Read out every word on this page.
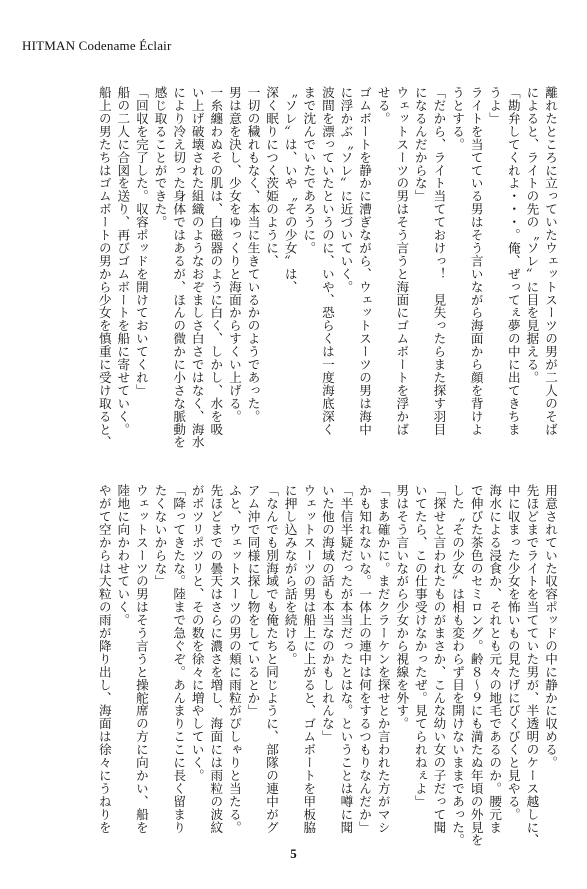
HITMAN Codename Éclair

離れたところに立っていたウェットスーツの男が二人のそば

によると、ライトの先の〝ソレ〟に目を見据える。

「勘弁してくれよ・・・。俺、ぜってぇ夢の中に出てきちま

うよ」

ライトを当てている男はそう言いながら海面から顔を背けよ

うとする。

「だから、ライト当てておけっ！　見失ったらまた探す羽目

になるんだからな」

ウェットスーツの男はそう言うと海面にゴムボートを浮かば

せる。

ゴムボートを静かに漕ぎながら、ウェットスーツの男は海中

に浮かぶ〝ソレ〟に近づいていく。

波間を漂っていたというのに、いや、恐らくは一度海底深く

まで沈んでいたであろうに。

〝ソレ〟は、いや〝その少女〟は、

深く眠りにつく茨姫のように、

一切の穢れもなく、本当に生きているかのようであった。

男は意を決し、少女をゆっくりと海面からすくい上げる。

一糸纏わぬその肌は、白磁器のように白く、しかし、水を吸

い上げ破壊された組織のようなおぞましさ白さではなく、海水

により冷え切った身体ではあるが、ほんの微かに小さな脈動を

感じ取ることができた。

「回収を完了した。収容ポッドを開けておいてくれ」

船の二人に合図を送り、再びゴムボートを船に寄せていく。

船上の男たちはゴムボートの男から少女を慎重に受け取ると、

用意されていた収容ポッドの中に静かに収める。

先ほどまでライトを当てていた男が、半透明のケース越しに、

中に収まった少女を怖いもの見たげにびくびくと見やる。

海水による浸食か、それとも元々の地毛であるのか。腰元ま

で伸びた茶色のセミロング。齢８～９にも満たぬ年頃の外見を

した〝その少女〟は相も変わらず目を開けないままであった。

「探せと言われたものがまさか、こんな幼い女の子だって聞

いてたら、この仕事受けなかったぜ。見てられねぇよ」

男はそう言いながら少女から視線を外す。

「まあ確かに。まだクラーケンを探せとか言われた方がマシ

かも知れないな。一体上の連中は何をするつもりなんだか」

「半信半疑だったが本当だったとはな。ということは噂に聞

いた他の海域の話も本当なのかもしれんな」

ウェットスーツの男は船上に上がると、ゴムボートを甲板脇

に押し込みながら話を続ける。

「なんでも別海域でも俺たちと同じように、部隊の連中がグ

アム沖で同様に探し物をしているとか」

ふと、ウェットスーツの男の頬に雨粒がぴしゃりと当たる。

先ほどまでの曇天はさらに濃さを増し、海面には雨粒の波紋

がポツリポツリと、その数を徐々に増やしていく。

「降ってきたな。陸まで急ぐぞ。あんまりここに長く留まり

たくないからな」

ウェットスーツの男はそう言うと操舵席の方に向かい、船を

陸地に向かわせていく。

やがて空からは大粒の雨が降り出し、海面は徐々にうねりを

5
